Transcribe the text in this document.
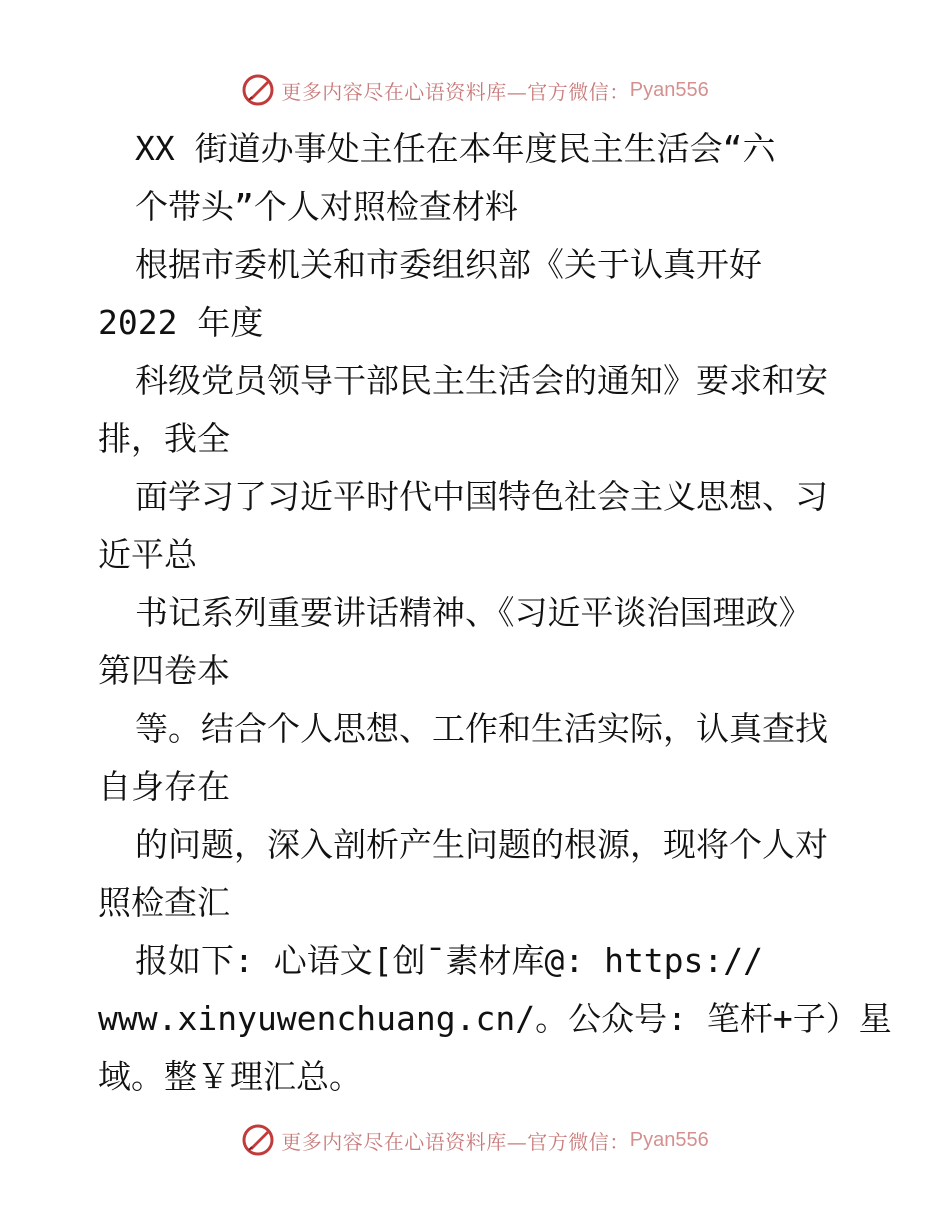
更多内容尽在心语资料库—官方微信： Pyan556
XX 街道办事处主任在本年度民主生活会“六
个带头”个人对照检查材料
根据市委机关和市委组织部《关于认真开好
2022 年度
科级党员领导干部民主生活会的通知》要求和安
排，我全
面学习了习近平时代中国特色社会主义思想、习
近平总
书记系列重要讲话精神、《习近平谈治国理政》
第四卷本
等。结合个人思想、工作和生活实际，认真查找
自身存在
的问题，深入剖析产生问题的根源，现将个人对
照检查汇
报如下: 心语文[创¯素材库@: https://
www.xinyuwenchuang.cn/。公众号: 笔杆+子）星
域。整￥理汇总。
更多内容尽在心语资料库—官方微信： Pyan556
